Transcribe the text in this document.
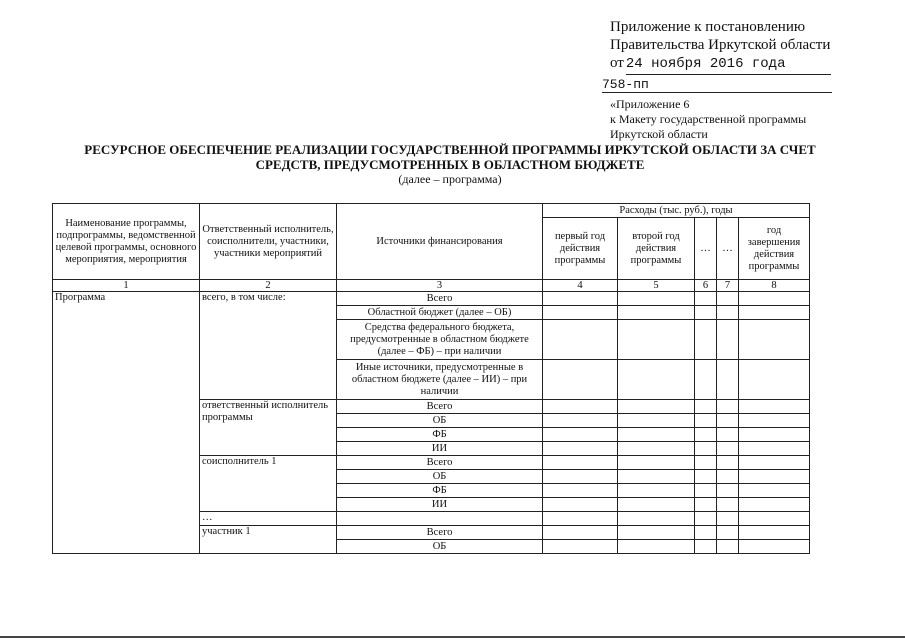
Приложение к постановлению
Правительства Иркутской области
от 24 ноября 2016 года
758-пп
«Приложение 6
к Макету государственной программы
Иркутской области
РЕСУРСНОЕ ОБЕСПЕЧЕНИЕ РЕАЛИЗАЦИИ ГОСУДАРСТВЕННОЙ ПРОГРАММЫ ИРКУТСКОЙ ОБЛАСТИ ЗА СЧЕТ
СРЕДСТВ, ПРЕДУСМОТРЕННЫХ В ОБЛАСТНОМ БЮДЖЕТЕ
(далее – программа)
Наименование программы, подпрограммы, ведомственной целевой программы, основного мероприятия, мероприятия	Ответственный исполнитель, соисполнители, участники, участники мероприятий	Источники финансирования	Расходы (тыс. руб.), годы				
			первый год действия программы	второй год действия программы	…	…	год завершения действия программы
1	2	3	4	5	6	7	8
Программа	всего, в том числе:	Всего					
		Областной бюджет (далее – ОБ)					
		Средства федерального бюджета, предусмотренные в областном бюджете (далее – ФБ) – при наличии					
		Иные источники, предусмотренные в областном бюджете (далее – ИИ) – при наличии					
	ответственный исполнитель программы	Всего					
		ОБ					
		ФБ					
		ИИ					
	соисполнитель 1	Всего					
		ОБ					
		ФБ					
		ИИ					
	…						
	участник 1	Всего					
		ОБ					
